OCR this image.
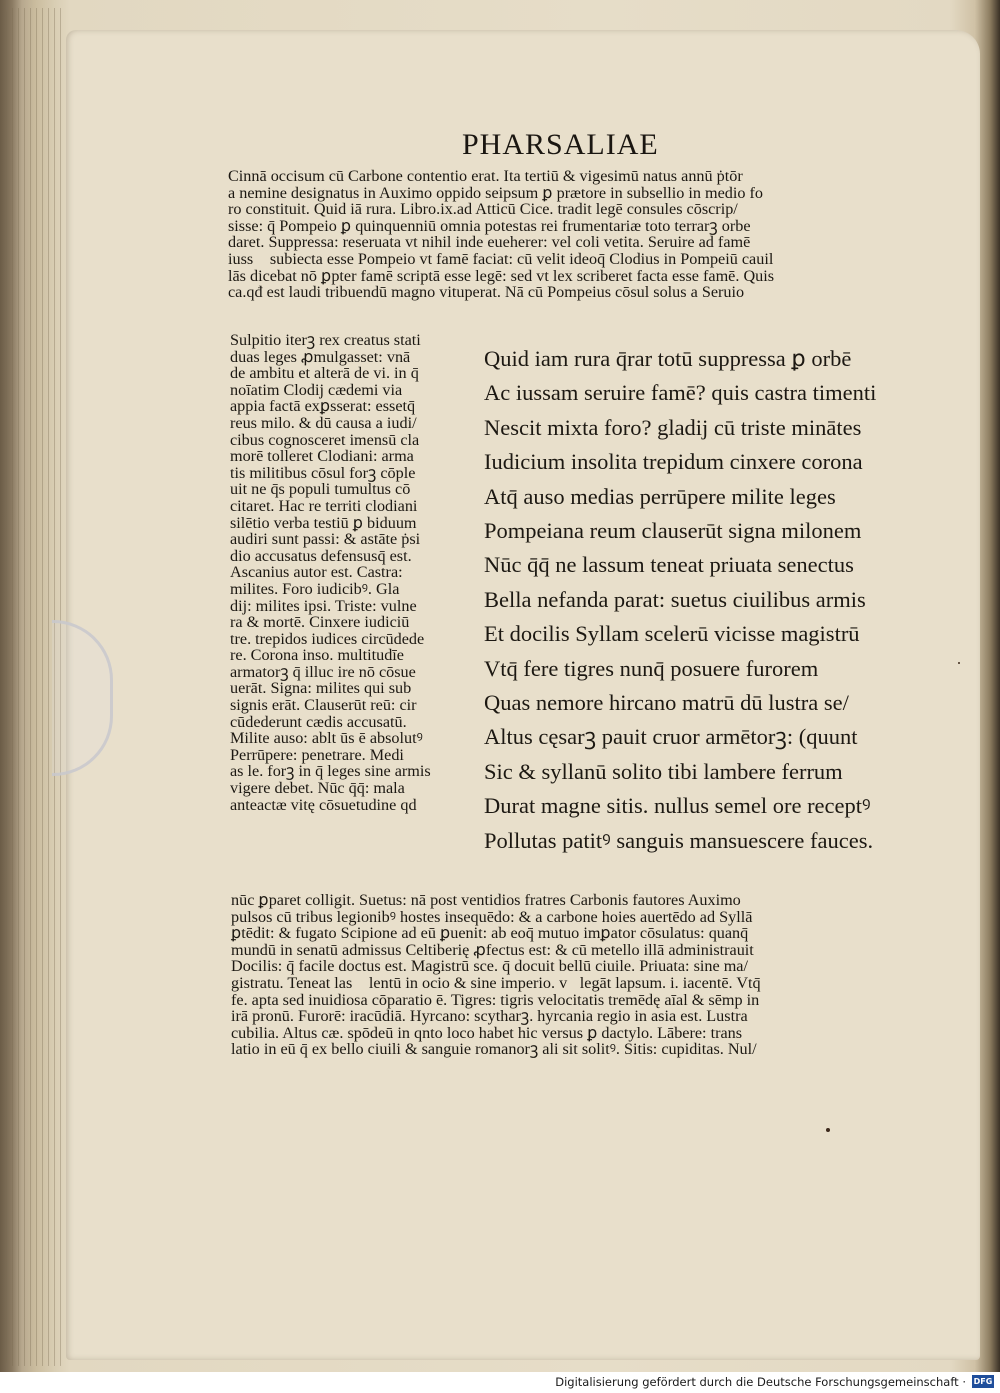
PHARSALIAE
Cinnā occisum cū Carbone contentio erat. Ita tertiū & vigesimū natus annū ṗtōr
a nemine designatus in Auximo oppido seipsum ꝑ prætore in subsellio in medio fo
ro constituit. Quid iā rura. Libro.ix.ad Atticū Cice. tradit legē consules cōscrip/
sisse: q̄ Pompeio ꝑ quinquenniū omnia potestas rei frumentariæ toto terrarꝫ orbe
daret. Suppressa: reseruata vt nihil inde eueherer: vel coli vetita. Seruire ad famē
iussᷓ subiecta esse Pompeio vt famē faciat: cū velit ideoq̄ Clodius in Pompeiū cauil
lās dicebat nō ꝑpter famē scriptā esse legē: sed vt lex scriberet facta esse famē. Quis
ca.qđ est laudi tribuendū magno vituperat. Nā cū Pompeius cōsul solus a Seruio
Sulpitio iterꝫ rex creatus stati
duas leges ꝓmulgasset: vnā
de ambitu et alterā de vi. in q̄
noīatim Clodij cædemi via
appia factā exꝑsserat: essetq̄
reus milo. & dū causa a iudi/
cibus cognosceret imensū cla
morē tolleret Clodiani: arma
tis militibus cōsul forꝫ cōple
uit ne q̄s populi tumultus cō
citaret. Hac re territi clodiani
silētio verba testiū ꝑ biduum
audiri sunt passi: & astāte ṗsi
dio accusatus defensusq̄ est.
Ascanius autor est. Castra:
milites. Foro iudicibꝰ. Gla
dij: milites ipsi. Triste: vulne
ra & mortē. Cinxere iudiciū
tre. trepidos iudices circūdede
re. Corona inso. multitudīe
armatorꝫ q̄ illuc ire nō cōsue
uerāt. Signa: milites qui sub
signis erāt. Clauserūt reū: cir
cūdederunt cædis accusatū.
Milite auso: ablt ūs ē absolutꝰ
Perrūpere: penetrare. Medi
as le. forꝫ in q̄ leges sine armis
vigere debet. Nūc q̄q̄: mala
anteactæ vitę cōsuetudine qd
Quid iam rura q̄rar totū suppressa ꝑ orbē
Ac iussam seruire famē? quis castra timenti
Nescit mixta foro? gladij cū triste minātes
Iudicium insolita trepidum cinxere corona
Atq̄ auso medias perrūpere milite leges
Pompeiana reum clauserūt signa milonem
Nūc q̄q̄ ne lassum teneat priuata senectus
Bella nefanda parat: suetus ciuilibus armis
Et docilis Syllam scelerū vicisse magistrū
Vtq̄ fere tigres nunq̄ posuere furorem
Quas nemore hircano matrū dū lustra se/
Altus cęsarꝫ pauit cruor armētorꝫ: (quunt
Sic & syllanū solito tibi lambere ferrum
Durat magne sitis. nullus semel ore receptꝰ
Pollutas patitꝰ sanguis mansuescere fauces.
nūc ꝑparet colligit. Suetus: nā post ventidios fratres Carbonis fautores Auximo
pulsos cū tribus legionibꝰ hostes insequēdo: & a carbone hoies auertēdo ad Syllā
ꝑtēdit: & fugato Scipione ad eū ꝑuenit: ab eoq̄ mutuo imꝑator cōsulatus: quanq̄
mundū in senatū admissus Celtiberię ꝓfectus est: & cū metello illā administrauit
Docilis: q̄ facile doctus est. Magistrū sce. q̄ docuit bellū ciuile. Priuata: sine ma/
gistratu. Teneat lasᷓ lentū in ocio & sine imperio. vꝰlegāt lapsum. i. iacentē. Vtq̄
fe. apta sed inuidiosa cōparatio ē. Tigres: tigris velocitatis tremēdę aīal & sēmp in
irā pronū. Furorē: iracūdiā. Hyrcano: scytharꝫ. hyrcania regio in asia est. Lustra
cubilia. Altus cæ. spōdeū in qnto loco habet hic versus ꝑ dactylo. Lābere: trans
latio in eū q̄ ex bello ciuili & sanguie romanorꝫ ali sit solitꝰ. Sitis: cupiditas. Nul/
Digitalisierung gefördert durch die Deutsche Forschungsgemeinschaft · DFG
